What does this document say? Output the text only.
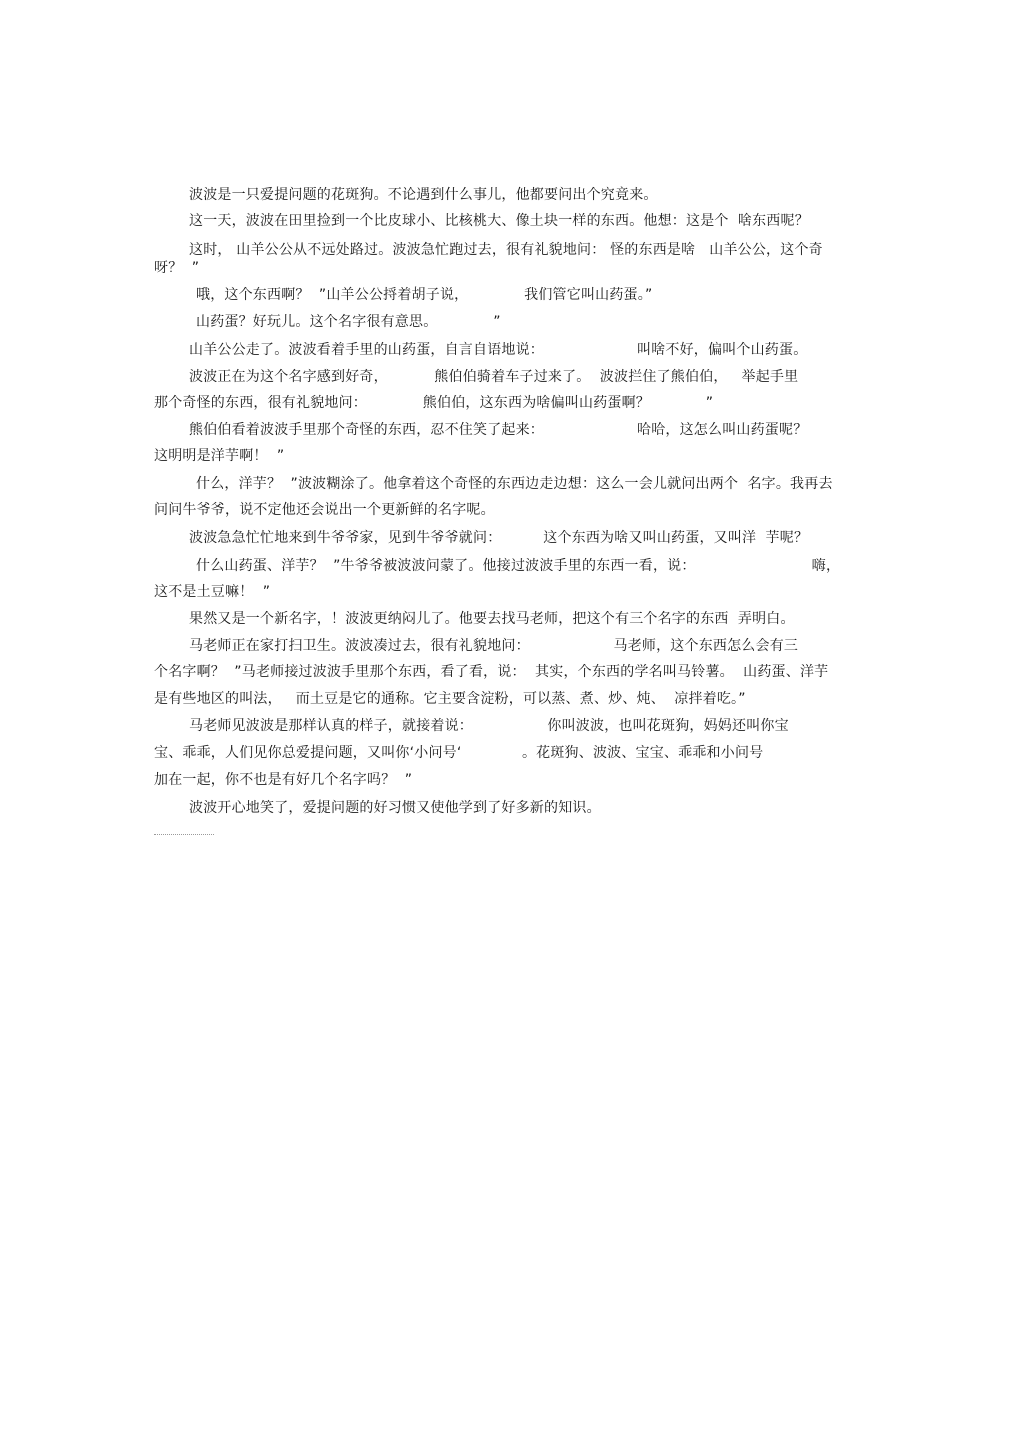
波波是一只爱提问题的花斑狗。不论遇到什么事儿，他都要问出个究竟来。
这一天，波波在田里捡到一个比皮球小、比核桃大、像土块一样的东西。他想：这是个  啥东西呢？
这时， 山羊公公从不远处路过。波波急忙跑过去，很有礼貌地问： 怪的东西是啥   山羊公公，这个奇
呀？  ”
哦，这个东西啊？  ”山羊公公捋着胡子说，            我们管它叫山药蛋。”
山药蛋？好玩儿。这个名字很有意思。            ”
山羊公公走了。波波看着手里的山药蛋，自言自语地说：                    叫啥不好，偏叫个山药蛋。
波波正在为这个名字感到好奇，          熊伯伯骑着车子过来了。  波波拦住了熊伯伯，   举起手里
那个奇怪的东西，很有礼貌地问：            熊伯伯，这东西为啥偏叫山药蛋啊？            ”
熊伯伯看着波波手里那个奇怪的东西，忍不住笑了起来：                    哈哈，这怎么叫山药蛋呢？
这明明是洋芋啊！  ”
什么，洋芋？  ”波波糊涂了。他拿着这个奇怪的东西边走边想：这么一会儿就问出两个  名字。我再去
问问牛爷爷，说不定他还会说出一个更新鲜的名字呢。
波波急急忙忙地来到牛爷爷家，见到牛爷爷就问：         这个东西为啥又叫山药蛋，又叫洋  芋呢？
什么山药蛋、洋芋？  ”牛爷爷被波波问蒙了。他接过波波手里的东西一看，说：                         嗨，
这不是土豆嘛！  ”
果然又是一个新名字，！波波更纳闷儿了。他要去找马老师，把这个有三个名字的东西  弄明白。
马老师正在家打扫卫生。波波凑过去，很有礼貌地问：                  马老师，这个东西怎么会有三
个名字啊？  ”马老师接过波波手里那个东西，看了看，说：  其实，个东西的学名叫马铃薯。  山药蛋、洋芋
是有些地区的叫法，   而土豆是它的通称。它主要含淀粉，可以蒸、煮、炒、炖、  凉拌着吃。”
马老师见波波是那样认真的样子，就接着说：                你叫波波，也叫花斑狗，妈妈还叫你宝
宝、乖乖，人们见你总爱提问题，又叫你‘小问号‘             。花斑狗、波波、宝宝、乖乖和小问号
加在一起，你不也是有好几个名字吗？  ”
波波开心地笑了，爱提问题的好习惯又使他学到了好多新的知识。
